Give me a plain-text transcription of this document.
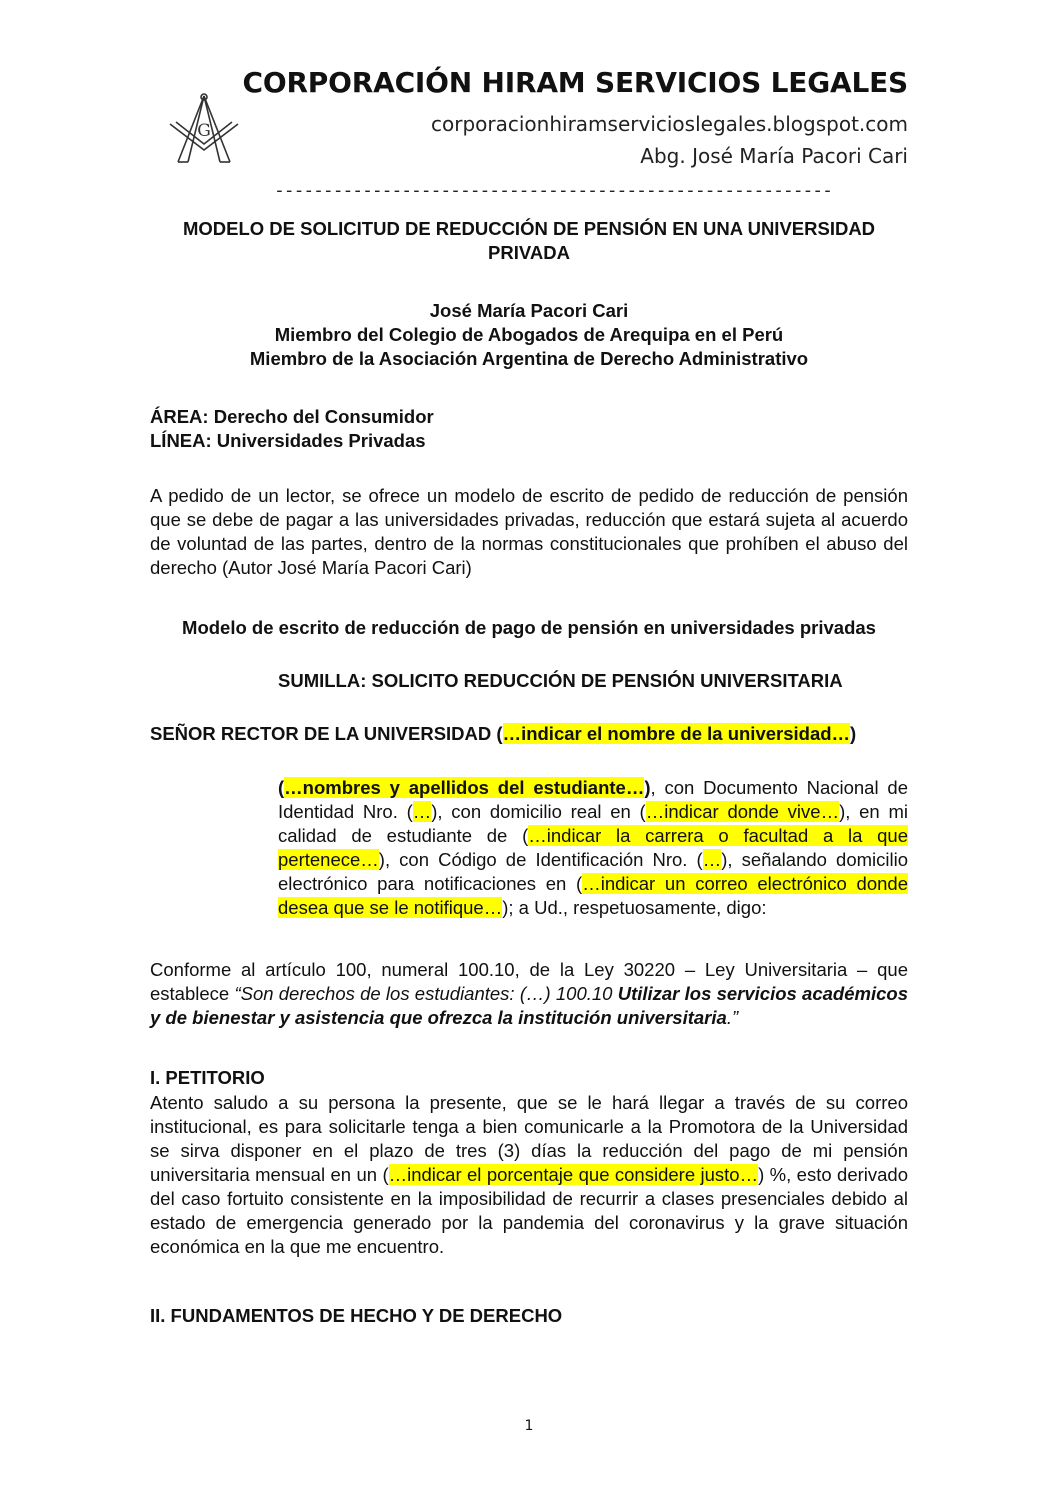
G
CORPORACIÓN HIRAM SERVICIOS LEGALES
corporacionhiramservicioslegales.blogspot.com
Abg. José María Pacori Cari
---------------------------------------------------------
MODELO DE SOLICITUD DE REDUCCIÓN DE PENSIÓN EN UNA UNIVERSIDAD
PRIVADA
José María Pacori Cari
Miembro del Colegio de Abogados de Arequipa en el Perú
Miembro de la Asociación Argentina de Derecho Administrativo
ÁREA: Derecho del Consumidor
LÍNEA: Universidades Privadas

A pedido de un lector, se ofrece un modelo de escrito de pedido de reducción de pensión que se debe de pagar a las universidades privadas, reducción que estará sujeta al acuerdo de voluntad de las partes, dentro de la normas constitucionales que prohíben el abuso del derecho (Autor José María Pacori Cari)

Modelo de escrito de reducción de pago de pensión en universidades privadas
SUMILLA: SOLICITO REDUCCIÓN DE PENSIÓN UNIVERSITARIA
SEÑOR RECTOR DE LA UNIVERSIDAD (…indicar el nombre de la universidad…)

(…nombres y apellidos del estudiante…), con Documento Nacional de Identidad Nro. (…), con domicilio real en (…indicar donde vive…), en mi calidad de estudiante de (…indicar la carrera o facultad a la que pertenece…), con Código de Identificación Nro. (…), señalando domicilio electrónico para notificaciones en (…indicar un correo electrónico donde desea que se le notifique…); a Ud., respetuosamente, digo:

Conforme al artículo 100, numeral 100.10, de la Ley 30220 – Ley Universitaria – que establece “Son derechos de los estudiantes: (…) 100.10 Utilizar los servicios académicos y de bienestar y asistencia que ofrezca la institución universitaria.”

I. PETITORIO

Atento saludo a su persona la presente, que se le hará llegar a través de su correo institucional, es para solicitarle tenga a bien comunicarle a la Promotora de la Universidad se sirva disponer en el plazo de tres (3) días la reducción del pago de mi pensión universitaria mensual en un (…indicar el porcentaje que considere justo…) %, esto derivado del caso fortuito consistente en la imposibilidad de recurrir a clases presenciales debido al estado de emergencia generado por la pandemia del coronavirus y la grave situación económica en la que me encuentro.

II. FUNDAMENTOS DE HECHO Y DE DERECHO
1
